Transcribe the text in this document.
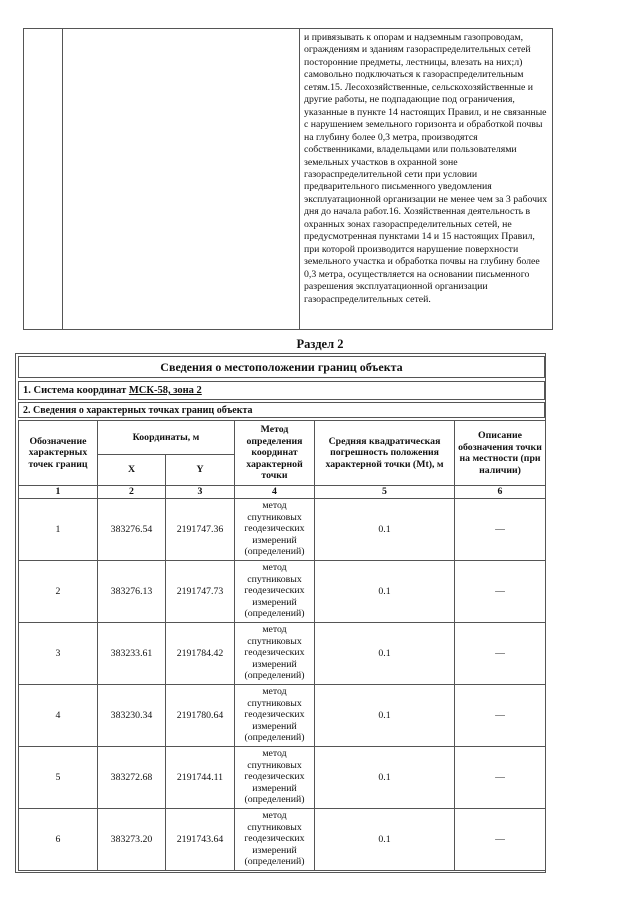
		и привязывать к опорам и надземным газопроводам, ограждениям и зданиям газораспределительных сетей посторонние предметы, лестницы, влезать на них;л) самовольно подключаться к газораспределительным сетям.15. Лесохозяйственные, сельскохозяйственные и другие работы, не подпадающие под ограничения, указанные в пункте 14 настоящих Правил, и не связанные с нарушением земельного горизонта и обработкой почвы на глубину более 0,3 метра, производятся собственниками, владельцами или пользователями земельных участков в охранной зоне газораспределительной сети при условии предварительного письменного уведомления эксплуатационной организации не менее чем за 3 рабочих дня до начала работ.16. Хозяйственная деятельность в охранных зонах газораспределительных сетей, не предусмотренная пунктами 14 и 15 настоящих Правил, при которой производится нарушение поверхности земельного участка и обработка почвы на глубину более 0,3 метра, осуществляется на основании письменного разрешения эксплуатационной организации газораспределительных сетей.
Раздел 2
Сведения о местоположении границ объекта
1. Система координат МСК-58, зона 2
2. Сведения о характерных точках границ объекта
Обозначение характерных точек границ	Координаты, м		Метод определения координат характерной точки	Средняя квадратическая погрешность положения характерной точки (Mt), м	Описание обозначения точки на местности (при наличии)
	X	Y			
1	2	3	4	5	6
1	383276.54	2191747.36	метод спутниковых геодезических измерений (определений)	0.1	—
2	383276.13	2191747.73	метод спутниковых геодезических измерений (определений)	0.1	—
3	383233.61	2191784.42	метод спутниковых геодезических измерений (определений)	0.1	—
4	383230.34	2191780.64	метод спутниковых геодезических измерений (определений)	0.1	—
5	383272.68	2191744.11	метод спутниковых геодезических измерений (определений)	0.1	—
6	383273.20	2191743.64	метод спутниковых геодезических измерений (определений)	0.1	—
